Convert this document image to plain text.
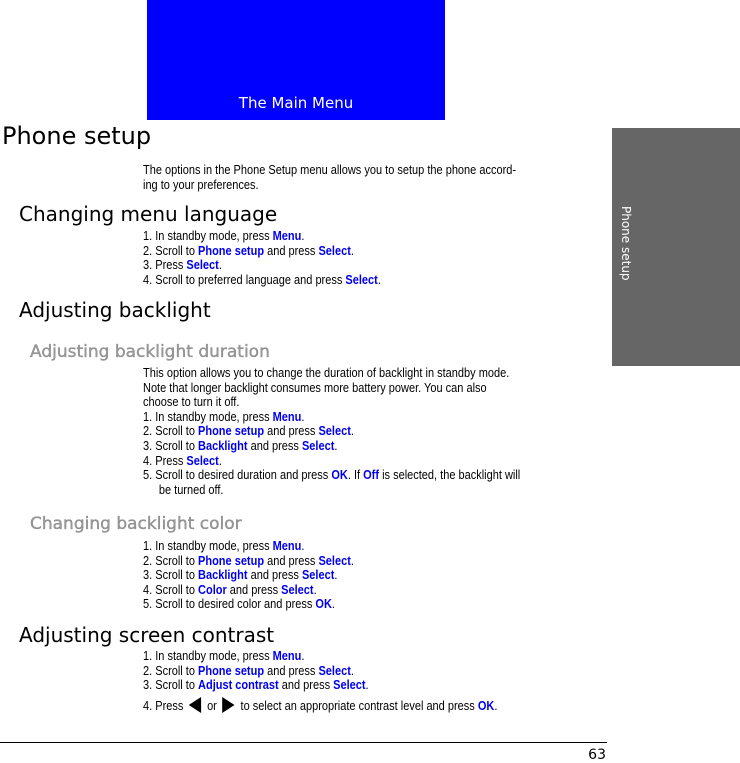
The Main Menu
Phone setup
Phone setup
The options in the Phone Setup menu allows you to setup the phone accord-
ing to your preferences.
Changing menu language
1. In standby mode, press Menu.
2. Scroll to Phone setup and press Select.
3. Press Select.
4. Scroll to preferred language and press Select.
Adjusting backlight
Adjusting backlight duration
This option allows you to change the duration of backlight in standby mode.
Note that longer backlight consumes more battery power. You can also
choose to turn it off.
1. In standby mode, press Menu.
2. Scroll to Phone setup and press Select.
3. Scroll to Backlight and press Select.
4. Press Select.
5. Scroll to desired duration and press OK. If Off is selected, the backlight will
be turned off.
Changing backlight color
1. In standby mode, press Menu.
2. Scroll to Phone setup and press Select.
3. Scroll to Backlight and press Select.
4. Scroll to Color and press Select.
5. Scroll to desired color and press OK.
Adjusting screen contrast
1. In standby mode, press Menu.
2. Scroll to Phone setup and press Select.
3. Scroll to Adjust contrast and press Select.
4. Press  or  to select an appropriate contrast level and press OK.
63
